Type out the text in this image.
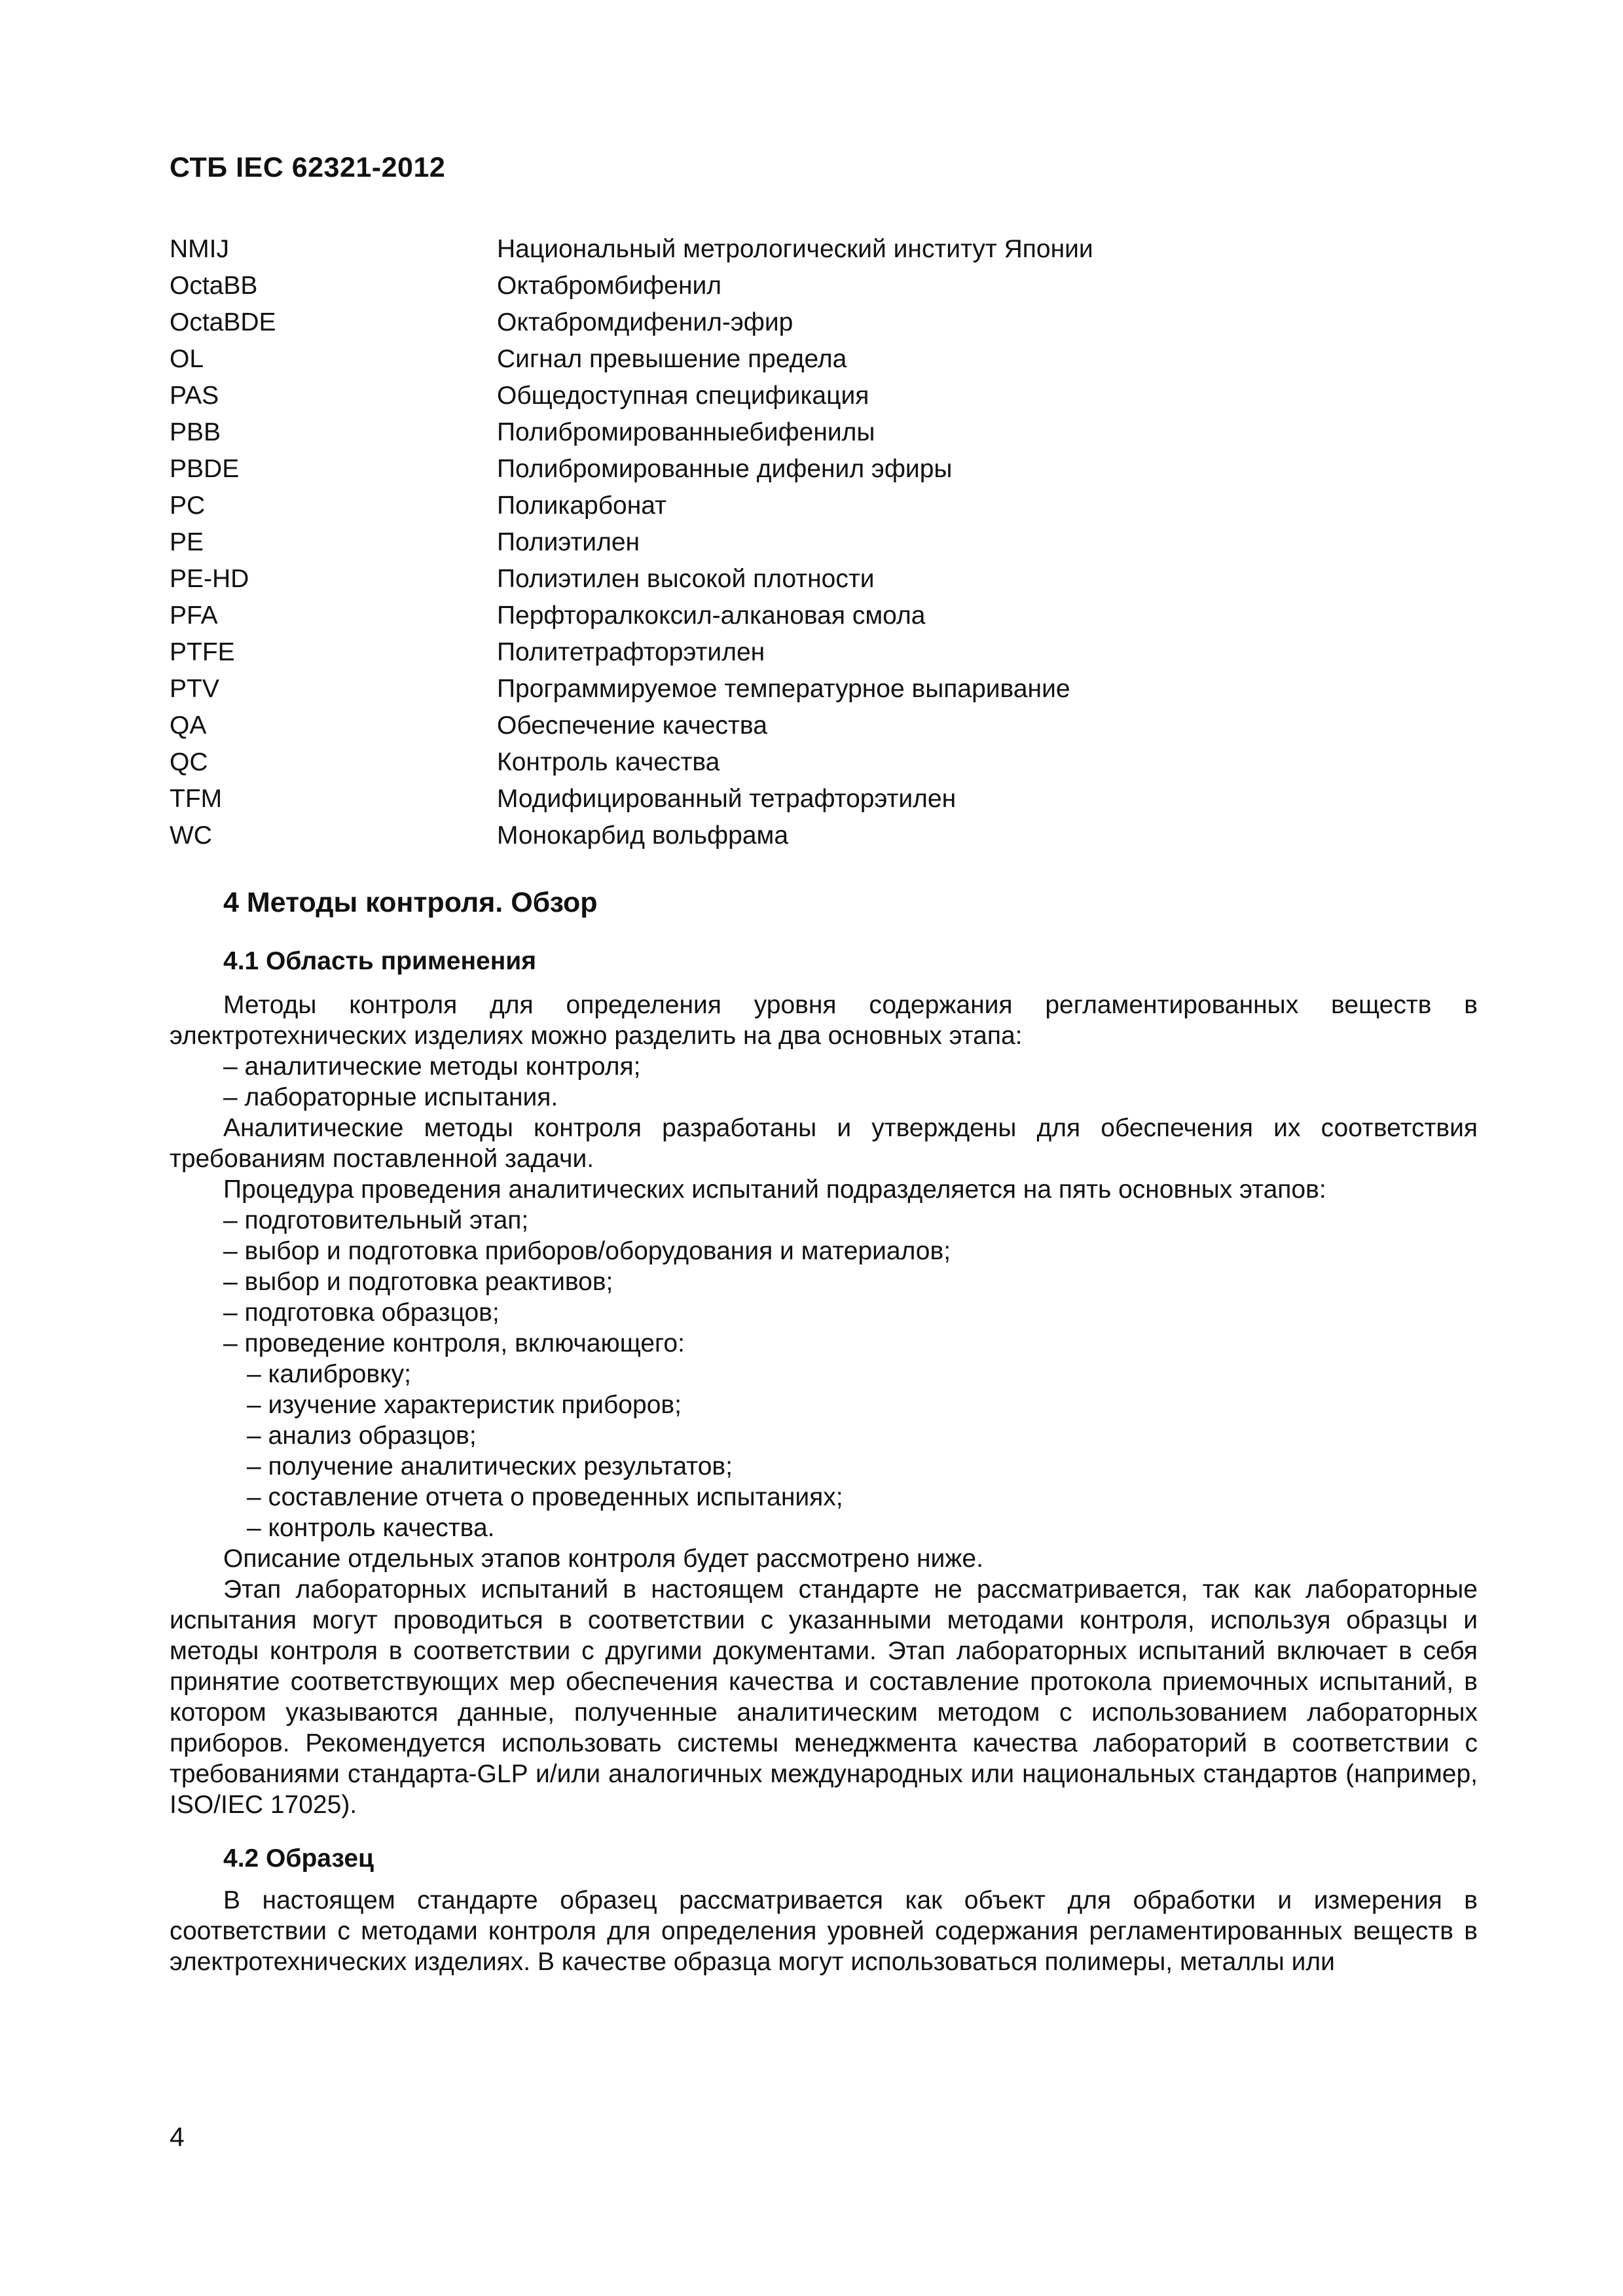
СТБ IEC 62321-2012
NMIJ	Национальный метрологический институт Японии
OctaBB	Октабромбифенил
OctaBDE	Октабромдифенил-эфир
OL	Сигнал превышение предела
PAS	Общедоступная спецификация
PBB	Полибромированныебифенилы
PBDE	Полибромированные дифенил эфиры
PC	Поликарбонат
PE	Полиэтилен
PE-HD	Полиэтилен высокой плотности
PFA	Перфторалкоксил-алкановая смола
PTFE	Политетрафторэтилен
PTV	Программируемое температурное выпаривание
QA	Обеспечение качества
QC	Контроль качества
TFM	Модифицированный тетрафторэтилен
WC	Монокарбид вольфрама
4 Методы контроля. Обзор
4.1 Область применения

Методы контроля для определения уровня содержания регламентированных веществ в электротехнических изделиях можно разделить на два основных этапа:

– аналитические методы контроля;

– лабораторные испытания.

Аналитические методы контроля разработаны и утверждены для обеспечения их соответствия требованиям поставленной задачи.

Процедура проведения аналитических испытаний подразделяется на пять основных этапов:

– подготовительный этап;

– выбор и подготовка приборов/оборудования и материалов;

– выбор и подготовка реактивов;

– подготовка образцов;

– проведение контроля, включающего:

– калибровку;

– изучение характеристик приборов;

– анализ образцов;

– получение аналитических результатов;

– составление отчета о проведенных испытаниях;

– контроль качества.

Описание отдельных этапов контроля будет рассмотрено ниже.

Этап лабораторных испытаний в настоящем стандарте не рассматривается, так как лабораторные испытания могут проводиться в соответствии с указанными методами контроля, используя образцы и методы контроля в соответствии с другими документами. Этап лабораторных испытаний включает в себя принятие соответствующих мер обеспечения качества и составление протокола приемочных испытаний, в котором указываются данные, полученные аналитическим методом с использованием лабораторных приборов. Рекомендуется использовать системы менеджмента качества лабораторий в соответствии с требованиями стандарта-GLP и/или аналогичных международных или национальных стандартов (например, ISO/IEC 17025).

4.2 Образец

В настоящем стандарте образец рассматривается как объект для обработки и измерения в соответствии с методами контроля для определения уровней содержания регламентированных веществ в электротехнических изделиях. В качестве образца могут использоваться полимеры, металлы или

4
